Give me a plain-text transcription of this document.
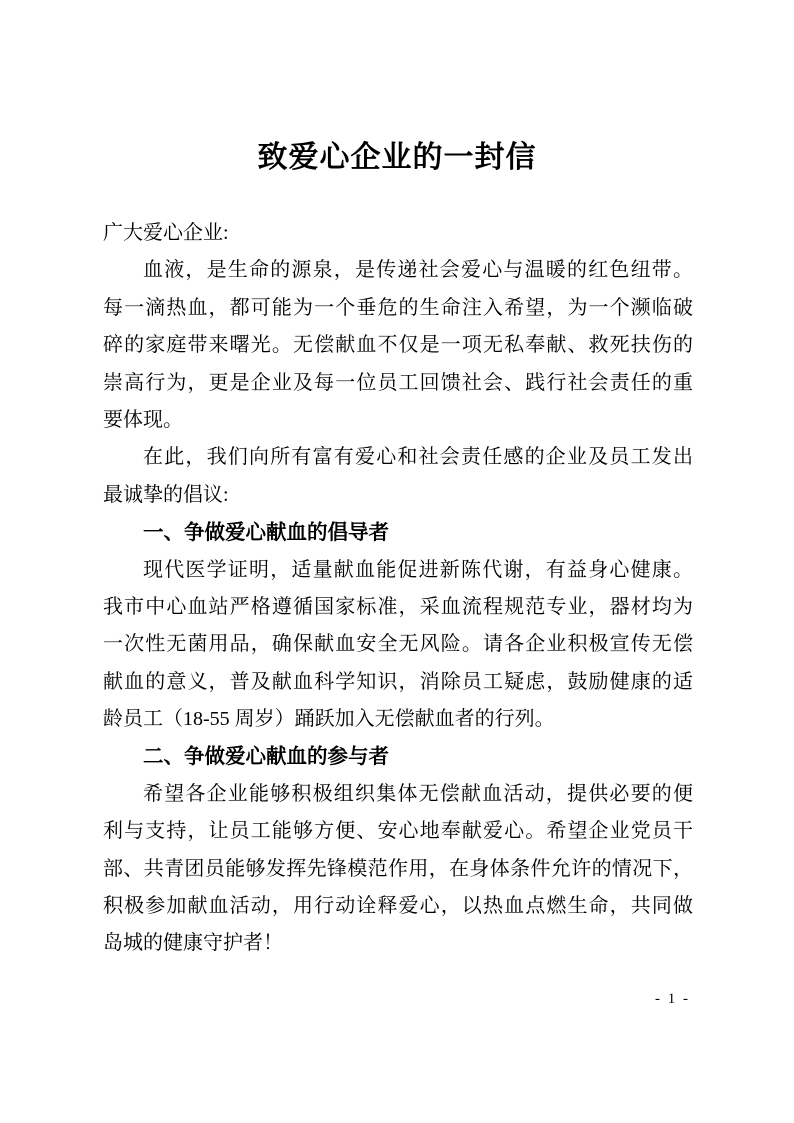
致爱心企业的一封信
广大爱心企业:
血液，是生命的源泉，是传递社会爱心与温暖的红色纽带。
每一滴热血，都可能为一个垂危的生命注入希望，为一个濒临破
碎的家庭带来曙光。无偿献血不仅是一项无私奉献、救死扶伤的
崇高行为，更是企业及每一位员工回馈社会、践行社会责任的重
要体现。
在此，我们向所有富有爱心和社会责任感的企业及员工发出
最诚挚的倡议:
一、争做爱心献血的倡导者
现代医学证明，适量献血能促进新陈代谢，有益身心健康。
我市中心血站严格遵循国家标准，采血流程规范专业，器材均为
一次性无菌用品，确保献血安全无风险。请各企业积极宣传无偿
献血的意义，普及献血科学知识，消除员工疑虑，鼓励健康的适
龄员工（18-55 周岁）踊跃加入无偿献血者的行列。
二、争做爱心献血的参与者
希望各企业能够积极组织集体无偿献血活动，提供必要的便
利与支持，让员工能够方便、安心地奉献爱心。希望企业党员干
部、共青团员能够发挥先锋模范作用，在身体条件允许的情况下，
积极参加献血活动，用行动诠释爱心，以热血点燃生命，共同做
岛城的健康守护者！
- 1 -
